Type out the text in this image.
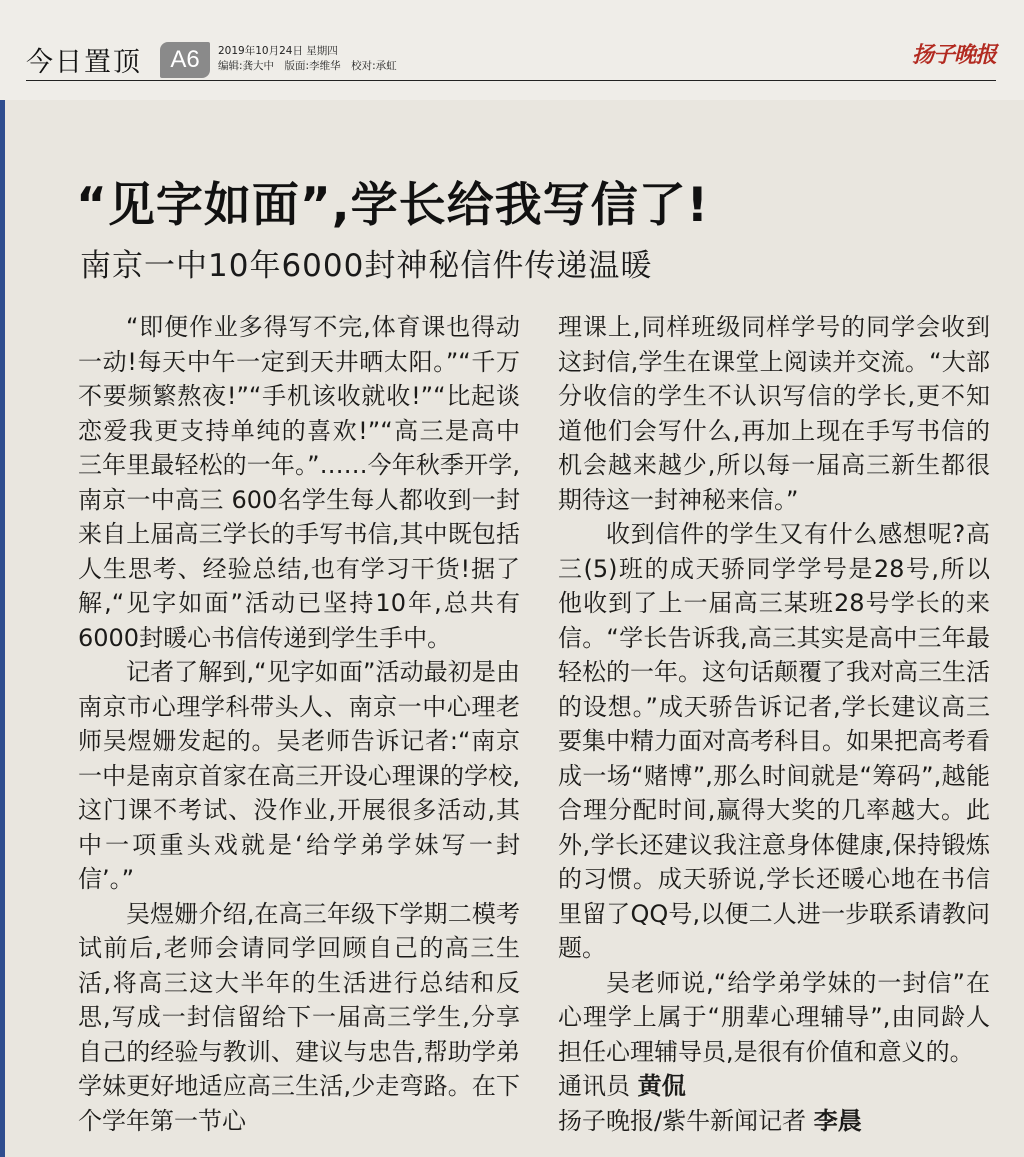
今日置顶	A6	2019年10月24日 星期四
编辑:龚大中　版面:李维华　校对:承虹	扬子晚报
“见字如面”,学长给我写信了!
南京一中10年6000封神秘信件传递温暖

“即便作业多得写不完,体育课也得动一动!每天中午一定到天井晒太阳。”“千万不要频繁熬夜!”“手机该收就收!”“比起谈恋爱我更支持单纯的喜欢!”“高三是高中三年里最轻松的一年。”……今年秋季开学,南京一中高三 600名学生每人都收到一封来自上届高三学长的手写书信,其中既包括人生思考、经验总结,也有学习干货!据了解,“见字如面”活动已坚持10年,总共有6000封暖心书信传递到学生手中。

记者了解到,“见字如面”活动最初是由南京市心理学科带头人、南京一中心理老师吴煜姗发起的。吴老师告诉记者:“南京一中是南京首家在高三开设心理课的学校,这门课不考试、没作业,开展很多活动,其中一项重头戏就是‘给学弟学妹写一封信’。”

吴煜姗介绍,在高三年级下学期二模考试前后,老师会请同学回顾自己的高三生活,将高三这大半年的生活进行总结和反思,写成一封信留给下一届高三学生,分享自己的经验与教训、建议与忠告,帮助学弟学妹更好地适应高三生活,少走弯路。在下个学年第一节心

理课上,同样班级同样学号的同学会收到这封信,学生在课堂上阅读并交流。“大部分收信的学生不认识写信的学长,更不知道他们会写什么,再加上现在手写书信的机会越来越少,所以每一届高三新生都很期待这一封神秘来信。”

收到信件的学生又有什么感想呢?高三(5)班的成天骄同学学号是28号,所以他收到了上一届高三某班28号学长的来信。“学长告诉我,高三其实是高中三年最轻松的一年。这句话颠覆了我对高三生活的设想。”成天骄告诉记者,学长建议高三要集中精力面对高考科目。如果把高考看成一场“赌博”,那么时间就是“筹码”,越能合理分配时间,赢得大奖的几率越大。此外,学长还建议我注意身体健康,保持锻炼的习惯。成天骄说,学长还暖心地在书信里留了QQ号,以便二人进一步联系请教问题。

吴老师说,“给学弟学妹的一封信”在心理学上属于“朋辈心理辅导”,由同龄人担任心理辅导员,是很有价值和意义的。

通讯员 黄侃

扬子晚报/紫牛新闻记者 李晨
